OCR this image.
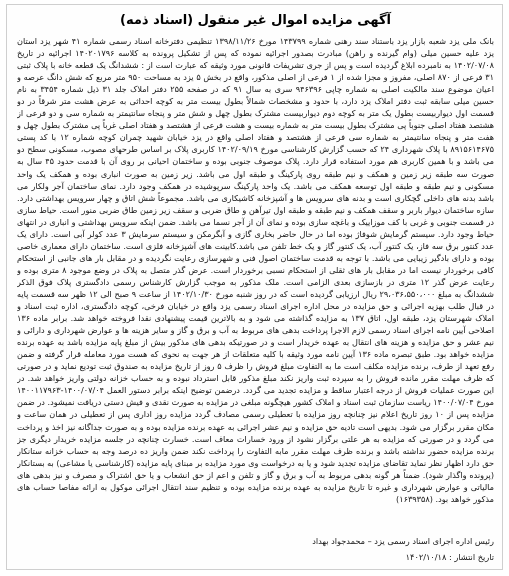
آگهی مزایده اموال غیر منقول (اسناد ذمه)
بانک ملی یزد شعبه بازار یزد باستناد سند رهنی شماره ۱۴۳۷۹۹ مورخ ۱۳۹۸/۱۱/۲۶ تنظیمی دفترخانه اسناد رسمی شماره ۴۱ شهر یزد استان یزد علیه حسین میلی (وام گیرنده و راهن) مبادرت بصدور اجرائیه نموده که پس از تشکیل پرونده به کلاسه ۱۴۰۲۰۱۷۹۶ اجرائیه در تاریخ ۱۴۰۲/۰۷/۰۸ به نامبرده ابلاغ گردیده است و پس از جری تشریفات قانونی مورد وثیقه که عبارت است از : ششدانگ یک قطعه خانه با پلاک ثبتی ۳۱ فرعی از ۸۷۰ اصلی، مفروز و مجزا شده از ۱ فرعی از اصلی مذکور، واقع در بخش ۵ یزد به مساحت ۹۵۰ متر مربع که شش دانگ عرصه و اعیان موضوع سند مالکیت اصلی به شماره چاپی ۹۴۶۳۹۶ سری به سال ۹۱ که در صفحه ۲۵۵ دفتر املاک جلد ۳۱ ذیل شماره ۳۴۵۴ به نام حسین میلی سابقه ثبت دفتر املاک یزد دارد، با حدود و مشخصات شمالاً بطول بیست متر به کوچه احداثی به عرض هشت متر شرقاً در دو قسمت اول دیواربیست بطول یک متر به کوچه دوم دیواربیست مشترک بطول چهل و شش متر و پنجاه سانتیمتر به شماره سی و دو فرعی از هشتصد هفتاد اصلی جنوباً پی مشترک بطول بیست متر به شماره بیست و هشت فرعی از هشتصد و هفتاد اصلی غرباً پی مشترک بطول چهل و هفت متر و پنجاه سانتیمتر به شماره سی فرعی از هشتصد و هفتاد اصلی واقع در یزد خیابان شهید چمران کوچه شماره ۱۲ با کد پستی ۸۹۱۵۶۱۴۶۷۵ با پلاک شهرداری ۲۴ که حسب گزارش کارشناسی مورخ ۱۴۰۲/۰۹/۱۹ کاربری پلاک بر اساس طرحهای مصوب، مسکونی سطح دو می باشد و با همین کاربری هم مورد استفاده قرار دارد. پلاک موصوف جنوبی بوده و ساختمان احیانی بر روی آن با قدمت حدود ۴۵ سال به صورت سه طبقه زیر زمین و همکف و نیم طبقه روی پارکینگ و طبقه اول می باشد. زیر زمین به صورت انباری بوده و همکف یک واحد مسکونی و نیم طبقه و طبقه اول توسعه همکف می باشد. یک واحد پارکینگ سرپوشیده در همکف وجود دارد. نمای ساختمان آجر ولکار می باشد بدنه های داخلی گچکاری است و بدنه های سرویس ها و آشپزخانه کاشیکاری می باشد. مجموعاً شش اتاق و چهار سرویس بهداشتی دارد. سازه ساختمان دیوار باربر و سقف همکف و نیم طبقه و طبقه اول تیرآهن و طاق ضربی و سقف زیر زمین طاق ضربی منور است. حیاط سازی در قسمت جنوبی و غربی با کف موزاییک و باغچه سازی بوده و نمای آن از آجر نسما می باشد. ضمن اینکه سرویس بهداشتی و انباری در انتهای حیاط وجود دارد. سیستم گرمایش شوفاژ بوده اما در حال حاضر بخاری گازی و آبگرمکن و سیستم سرمایش ۳ عدد کولر آبی است. دارای یک عدد کنتور برق سه فاز، یک کنتور آب، یک کنتور گاز و یک خط تلفن می باشد.کابینت های آشپزخانه فلزی است. ساختمان دارای معماری خاصی بوده و دارای بادگیر زیبایی می باشد. با توجه به قدمت ساختمان اصول فنی و شهرسازی رعایت نگردیده و در مقابل بار های جانبی از استحکام کافی برخوردار نیست اما در مقابل بار های ثقلی از استحکام نسبی برخوردار است. عرض گذر متصل به پلاک در وضع موجود ۸ متری بوده و رعایت عرض گذر ۱۲ متری در بازسازی بعدی الزامی است. ملک مذکور به موجب گزارش کارشناس رسمی دادگستری پلاک فوق الذکر ششدانگ به مبلغ ۲۹،۰۳۶،۵۵۰،۰۰۰ ریال ارزیابی گردیده است که در روز شنبه مورخ ۱۴۰۲/۱۰/۳۰ از ساعت ۹ صبح الی ۱۲ ظهر سه قسمت پایه در قبال طلب بهزیه اجرائی و حق مزایده در محل اداره اجرای اسناد رسمی یزد واقع در خیابان فرخی، کوچه دادگستری، اداره ثبت اسناد و املاک شهرستان یزد، طبقه اول، اتاق ۱۳۷ به مزایده گذاشته می شود و به بالاترین قیمت پیشنهادی نقدا فروخته خواهد شد. برابر ماده ۱۳۶ اصلاحی آیین نامه اجرای اسناد رسمی لازم الاجرا پرداخت بدهی های مربوط به آب و برق و گاز و سایر هزینه ها و عوارض شهرداری و دارائی و نیم عشر و حق مزایده و هزینه های انتقال به عهده خریدار است و در صورتیکه بدهی های مذکور بیش از مبلغ پایه مزایده باشد به عهده برنده مزایده خواهد بود. طبق تبصره ماده ۱۳۶ آیین نامه مورد وثیقه با کلیه متعلقات از هر جهت به نحوی که هست مورد معامله قرار گرفته و ضمن رفع تعهد از طرف، برنده مزایده مکلف است ما به التفاوت مبلغ فروش را ظرف ۵ روز از تاریخ مزایده به صندوق ثبت تودیع نماید و در صورتی که ظرف مهلت مقرر مانده فروش را به سپرده ثبت واریز نکند مبلغ مذکور قابل استرداد نبوده و به حساب خزانه دولتی واریز خواهد شد. در این صورت عملیات فروش از درجه اعتبار ساقط و مزایده تجدید می گردد. درضمن توضیح اینکه برابر دستور العمل ۱۴۰۰/۰۷/۰۴-۱۴۰۰۱۱۷۹۶۳ مورخ ۱۴۰۰/۰۷/۰۴ ریاست سازمان ثبت اسناد و املاک کشور هیچگونه مبلغی در مزایده به صورت نقدی و فیش دستی دریافت نمیشود. در ضمن مزایده پس از ۱۰ روز تاریخ اعلام نیز چنانچه روز مزایده با تعطیلی رسمی مصادف گردد مزایده روز اداری پس از تعطیلی در همان ساعت و مکان مقرر برگزار می شود. بدیهی است تادیه حق مزایده و نیم عشر اجرائی به عهده برنده مزایده بوده و به صورت جداگانه نیز اخذ و پرداخت می گردد و در صورتی که مزایده به هر علتی برگزار نشود از ورود خسارات معاف است. خسارت چنانچه در جلسه مزایده خریدار دیگری جز برنده مزایده حضور نداشته باشد و برنده ظرف مهلت مقرر مابه التفاوت را پرداخت نکند ضمن واریز ده درصد وجه به حساب خزانه ستانکار حق دارد اظهار نظر نماید تقاضای مزایده تجدید شود و یا به درخواست وی مورد مزایده بر مبنای پایه مزایده (کارشناسی یا مشاعی) به بستانکار (پرونده واگذار شود). ضمناً هر گونه بدهی مربوط به آب و برق و گاز و تلفن و اعم از حق انشعاب و یا حق اشتراک و مصرف و نیز بدهی های مالیاتی و عوارض شهرداری و غیره تا تاریخ مزایده به عهده برنده مزایده بوده و تنظیم سند انتقال اجرائی موکول به ارائه مفاصا حساب های مذکور خواهد بود. (۱۶۳۹۳۵۸)
رئیس اداره اجرای اسناد رسمی یزد – محمدجواد بهداد
تاریخ انتشار : ۱۴۰۲/۱۰/۱۸
